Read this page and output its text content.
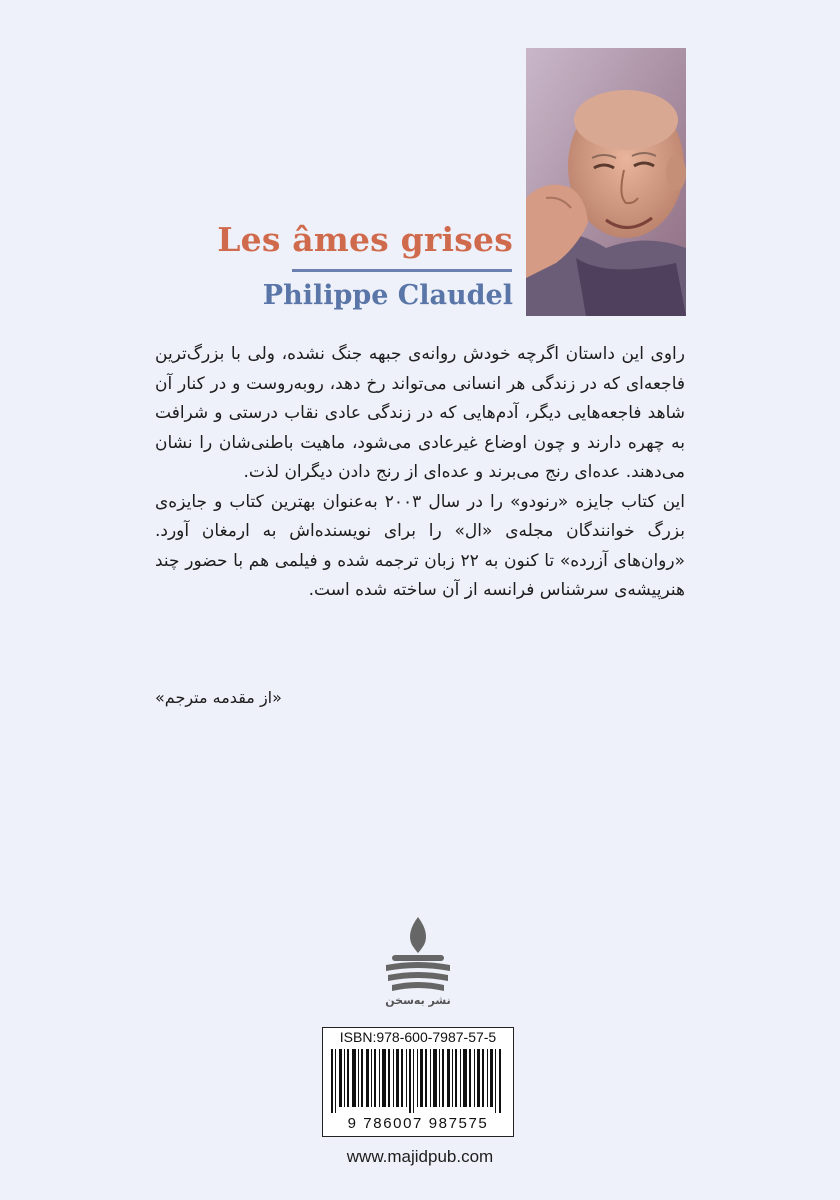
Les âmes grises
Philippe Claudel

راوی این داستان اگرچه خودش روانه‌ی جبهه جنگ نشده، ولی با بزرگ‌ترین فاجعه‌ای که در زندگی هر انسانی می‌تواند رخ دهد، روبه‌روست و در کنار آن شاهد فاجعه‌هایی دیگر، آدم‌هایی که در زندگی عادی نقاب درستی و شرافت به چهره دارند و چون اوضاع غیرعادی می‌شود، ماهیت باطنی‌شان را نشان می‌دهند. عده‌ای رنج می‌برند و عده‌ای از رنج دادن دیگران لذت.

این کتاب جایزه «رنودو» را در سال ۲۰۰۳ به‌عنوان بهترین کتاب و جایزه‌ی بزرگ خوانندگان مجله‌ی «ال» را برای نویسنده‌اش به ارمغان آورد. «روان‌های آزرده» تا کنون به ۲۲ زبان ترجمه شده و فیلمی هم با حضور چند هنرپیشه‌ی سرشناس فرانسه از آن ساخته شده است.

«از مقدمه مترجم»
نشر به‌سخن
ISBN:978-600-7987-57-5
9 786007 987575
www.majidpub.com
